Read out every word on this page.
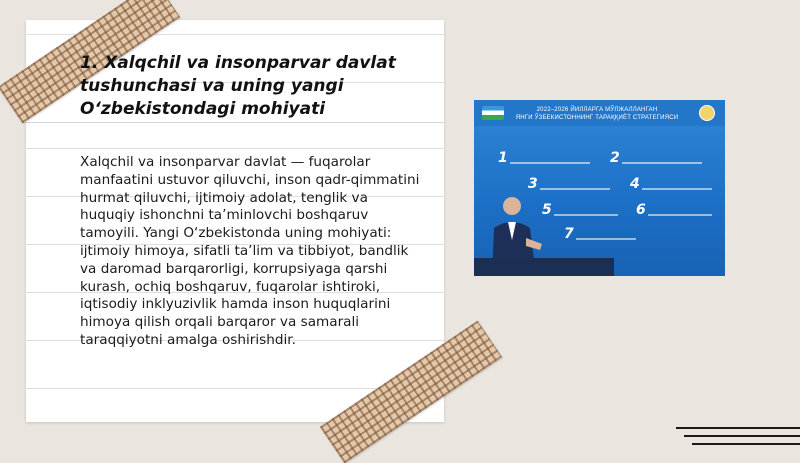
1. Xalqchil va insonparvar davlat tushunchasi va uning yangi O‘zbekistondagi mohiyati
Xalqchil va insonparvar davlat — fuqarolar manfaatini ustuvor qiluvchi, inson qadr-qimmatini hurmat qiluvchi, ijtimoiy adolat, tenglik va huquqiy ishonchni ta’minlovchi boshqaruv tamoyili. Yangi O‘zbekistonda uning mohiyati: ijtimoiy himoya, sifatli ta’lim va tibbiyot, bandlik va daromad barqarorligi, korrupsiyaga qarshi kurash, ochiq boshqaruv, fuqarolar ishtiroki, iqtisodiy inklyuzivlik hamda inson huquqlarini himoya qilish orqali barqaror va samarali taraqqiyotni amalga oshirishdir.
2022–2026 ЙИЛЛАРГА МЎЛЖАЛЛАНГАН
ЯНГИ ЎЗБЕКИСТОННИНГ ТАРАҚҚИЁТ СТРАТЕГИЯСИ
1	2
3	4
5	6
7
